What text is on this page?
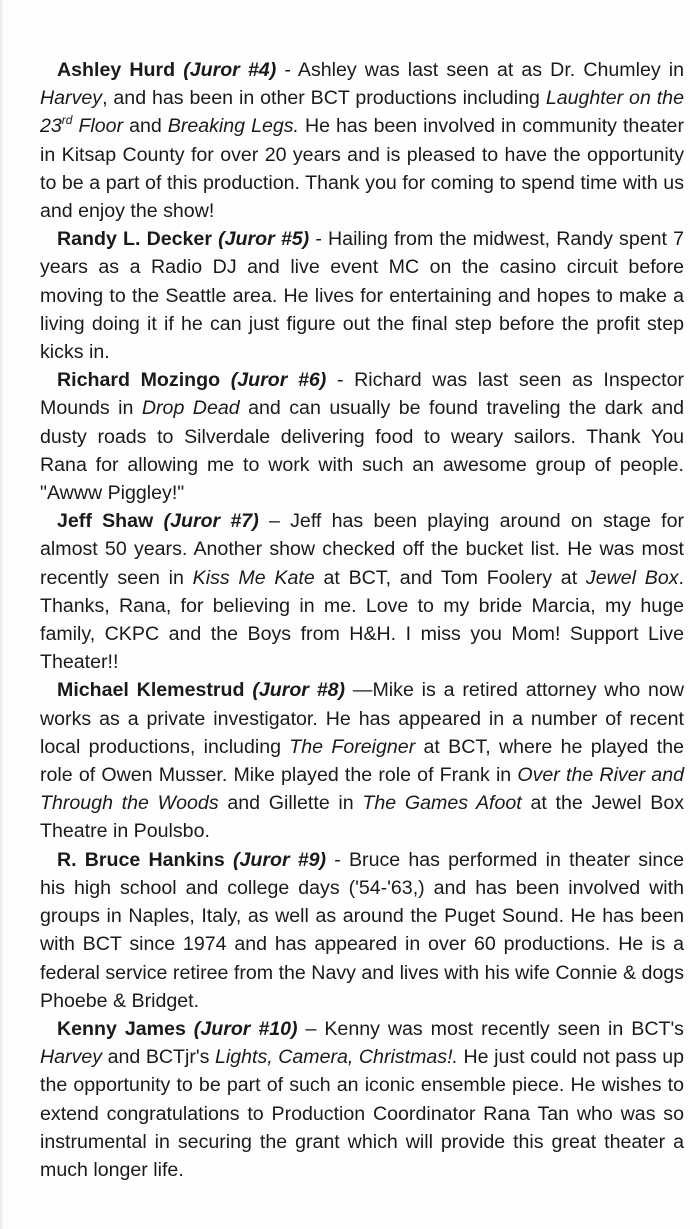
Ashley Hurd (Juror #4) - Ashley was last seen at as Dr. Chumley in Harvey, and has been in other BCT productions including Laughter on the 23rd Floor and Breaking Legs. He has been involved in community theater in Kitsap County for over 20 years and is pleased to have the opportunity to be a part of this production. Thank you for coming to spend time with us and enjoy the show!

Randy L. Decker (Juror #5) - Hailing from the midwest, Randy spent 7 years as a Radio DJ and live event MC on the casino circuit before moving to the Seattle area. He lives for entertaining and hopes to make a living doing it if he can just figure out the final step before the profit step kicks in.

Richard Mozingo (Juror #6) - Richard was last seen as Inspector Mounds in Drop Dead and can usually be found traveling the dark and dusty roads to Silverdale delivering food to weary sailors. Thank You Rana for allowing me to work with such an awesome group of people. "Awww Piggley!"

Jeff Shaw (Juror #7) – Jeff has been playing around on stage for almost 50 years. Another show checked off the bucket list. He was most recently seen in Kiss Me Kate at BCT, and Tom Foolery at Jewel Box. Thanks, Rana, for believing in me. Love to my bride Marcia, my huge family, CKPC and the Boys from H&H. I miss you Mom! Support Live Theater!!

Michael Klemestrud (Juror #8) —Mike is a retired attorney who now works as a private investigator. He has appeared in a number of recent local productions, including The Foreigner at BCT, where he played the role of Owen Musser. Mike played the role of Frank in Over the River and Through the Woods and Gillette in The Games Afoot at the Jewel Box Theatre in Poulsbo.

R. Bruce Hankins (Juror #9) - Bruce has performed in theater since his high school and college days ('54-'63,) and has been involved with groups in Naples, Italy, as well as around the Puget Sound. He has been with BCT since 1974 and has appeared in over 60 productions. He is a federal service retiree from the Navy and lives with his wife Connie & dogs Phoebe & Bridget.

Kenny James (Juror #10) – Kenny was most recently seen in BCT's Harvey and BCTjr's Lights, Camera, Christmas!. He just could not pass up the opportunity to be part of such an iconic ensemble piece. He wishes to extend congratulations to Production Coordinator Rana Tan who was so instrumental in securing the grant which will provide this great theater a much longer life.
